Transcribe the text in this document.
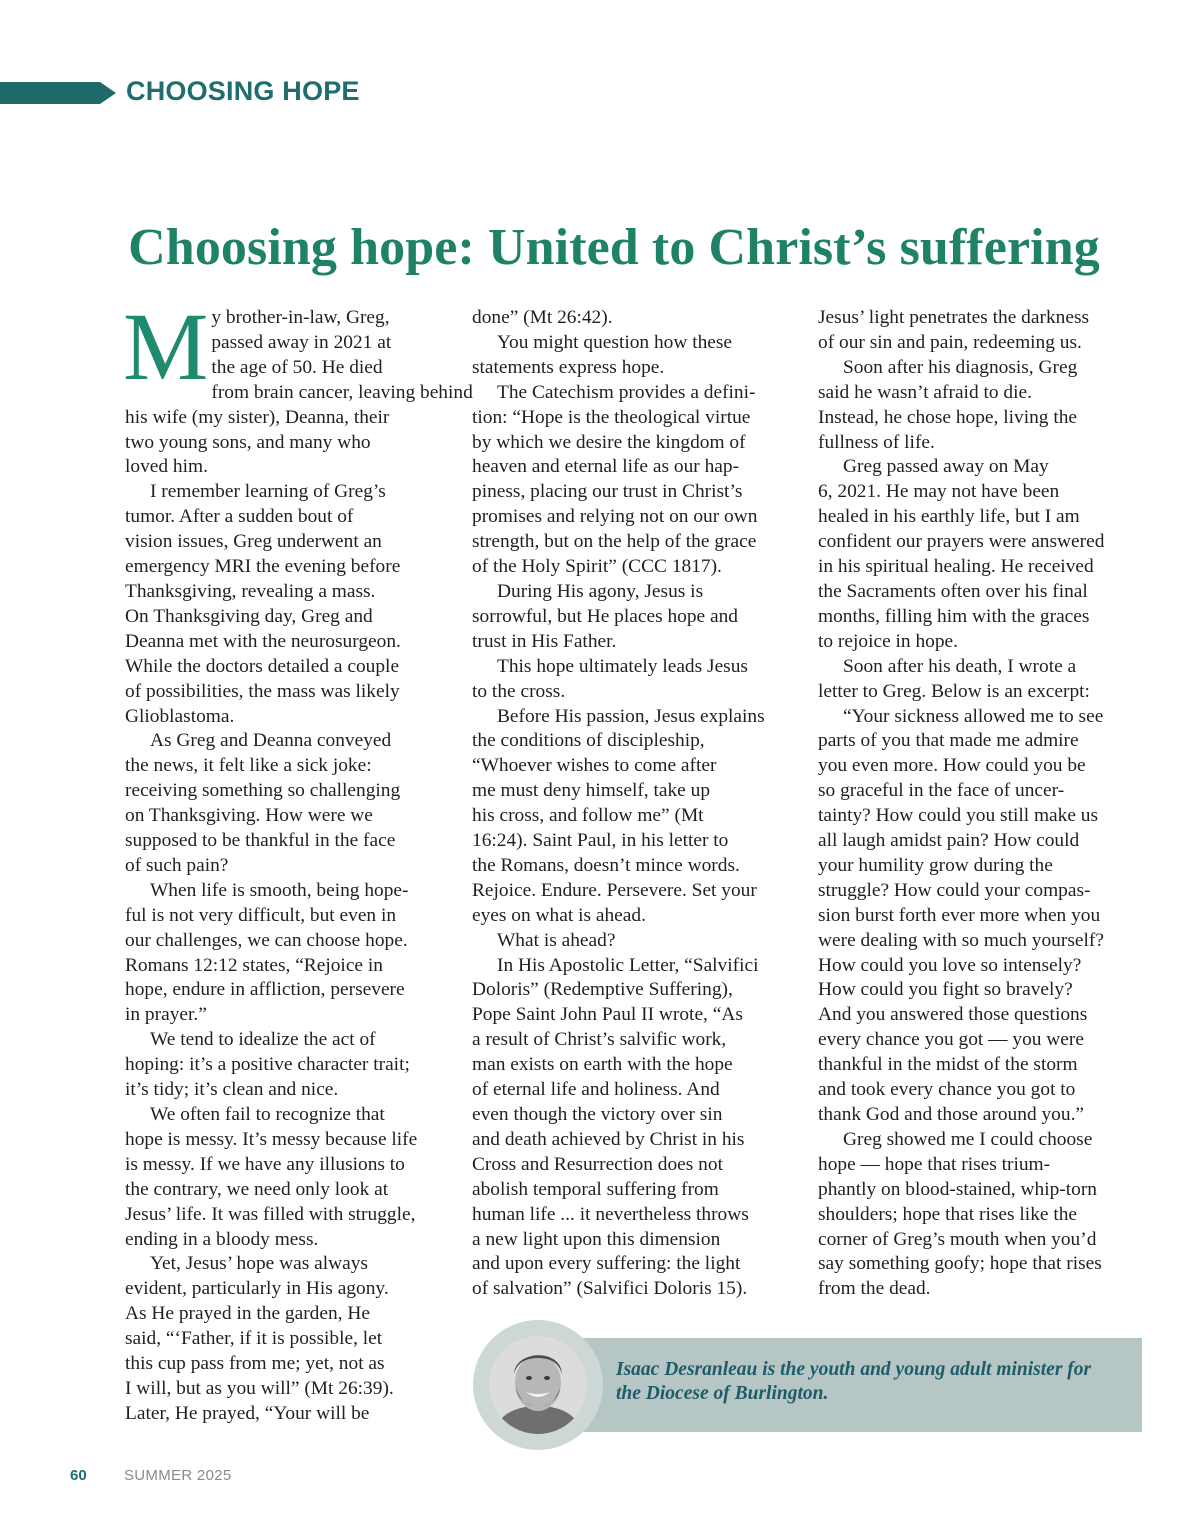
CHOOSING HOPE
Choosing hope: United to Christ’s suffering
M y brother-in-law, Greg,

passed away in 2021 at

the age of 50. He died

from brain cancer, leaving behind

his wife (my sister), Deanna, their

two young sons, and many who

loved him.

I remember learning of Greg’s

tumor. After a sudden bout of

vision issues, Greg underwent an

emergency MRI the evening before

Thanksgiving, revealing a mass.

On Thanksgiving day, Greg and

Deanna met with the neurosurgeon.

While the doctors detailed a couple

of possibilities, the mass was likely

Glioblastoma.

As Greg and Deanna conveyed

the news, it felt like a sick joke:

receiving something so challenging

on Thanksgiving. How were we

supposed to be thankful in the face

of such pain?

When life is smooth, being hope-

ful is not very difficult, but even in

our challenges, we can choose hope.

Romans 12:12 states, “Rejoice in

hope, endure in affliction, persevere

in prayer.”

We tend to idealize the act of

hoping: it’s a positive character trait;

it’s tidy; it’s clean and nice.

We often fail to recognize that

hope is messy. It’s messy because life

is messy. If we have any illusions to

the contrary, we need only look at

Jesus’ life. It was filled with struggle,

ending in a bloody mess.

Yet, Jesus’ hope was always

evident, particularly in His agony.

As He prayed in the garden, He

said, “‘Father, if it is possible, let

this cup pass from me; yet, not as

I will, but as you will” (Mt 26:39).

Later, He prayed, “Your will be

done” (Mt 26:42).

You might question how these

statements express hope.

The Catechism provides a defini-

tion: “Hope is the theological virtue

by which we desire the kingdom of

heaven and eternal life as our hap-

piness, placing our trust in Christ’s

promises and relying not on our own

strength, but on the help of the grace

of the Holy Spirit” (CCC 1817).

During His agony, Jesus is

sorrowful, but He places hope and

trust in His Father.

This hope ultimately leads Jesus

to the cross.

Before His passion, Jesus explains

the conditions of discipleship,

“Whoever wishes to come after

me must deny himself, take up

his cross, and follow me” (Mt

16:24). Saint Paul, in his letter to

the Romans, doesn’t mince words.

Rejoice. Endure. Persevere. Set your

eyes on what is ahead.

What is ahead?

In His Apostolic Letter, “Salvifici

Doloris” (Redemptive Suffering),

Pope Saint John Paul II wrote, “As

a result of Christ’s salvific work,

man exists on earth with the hope

of eternal life and holiness. And

even though the victory over sin

and death achieved by Christ in his

Cross and Resurrection does not

abolish temporal suffering from

human life ... it nevertheless throws

a new light upon this dimension

and upon every suffering: the light

of salvation” (Salvifici Doloris 15).

Jesus’ light penetrates the darkness

of our sin and pain, redeeming us.

Soon after his diagnosis, Greg

said he wasn’t afraid to die.

Instead, he chose hope, living the

fullness of life.

Greg passed away on May

6, 2021. He may not have been

healed in his earthly life, but I am

confident our prayers were answered

in his spiritual healing. He received

the Sacraments often over his final

months, filling him with the graces

to rejoice in hope.

Soon after his death, I wrote a

letter to Greg. Below is an excerpt:

“Your sickness allowed me to see

parts of you that made me admire

you even more. How could you be

so graceful in the face of uncer-

tainty? How could you still make us

all laugh amidst pain? How could

your humility grow during the

struggle? How could your compas-

sion burst forth ever more when you

were dealing with so much yourself?

How could you love so intensely?

How could you fight so bravely?

And you answered those questions

every chance you got — you were

thankful in the midst of the storm

and took every chance you got to

thank God and those around you.”

Greg showed me I could choose

hope — hope that rises trium-

phantly on blood-stained, whip-torn

shoulders; hope that rises like the

corner of Greg’s mouth when you’d

say something goofy; hope that rises

from the dead.

Isaac Desranleau is the youth and young adult minister for
the Diocese of Burlington.
60 SUMMER 2025
